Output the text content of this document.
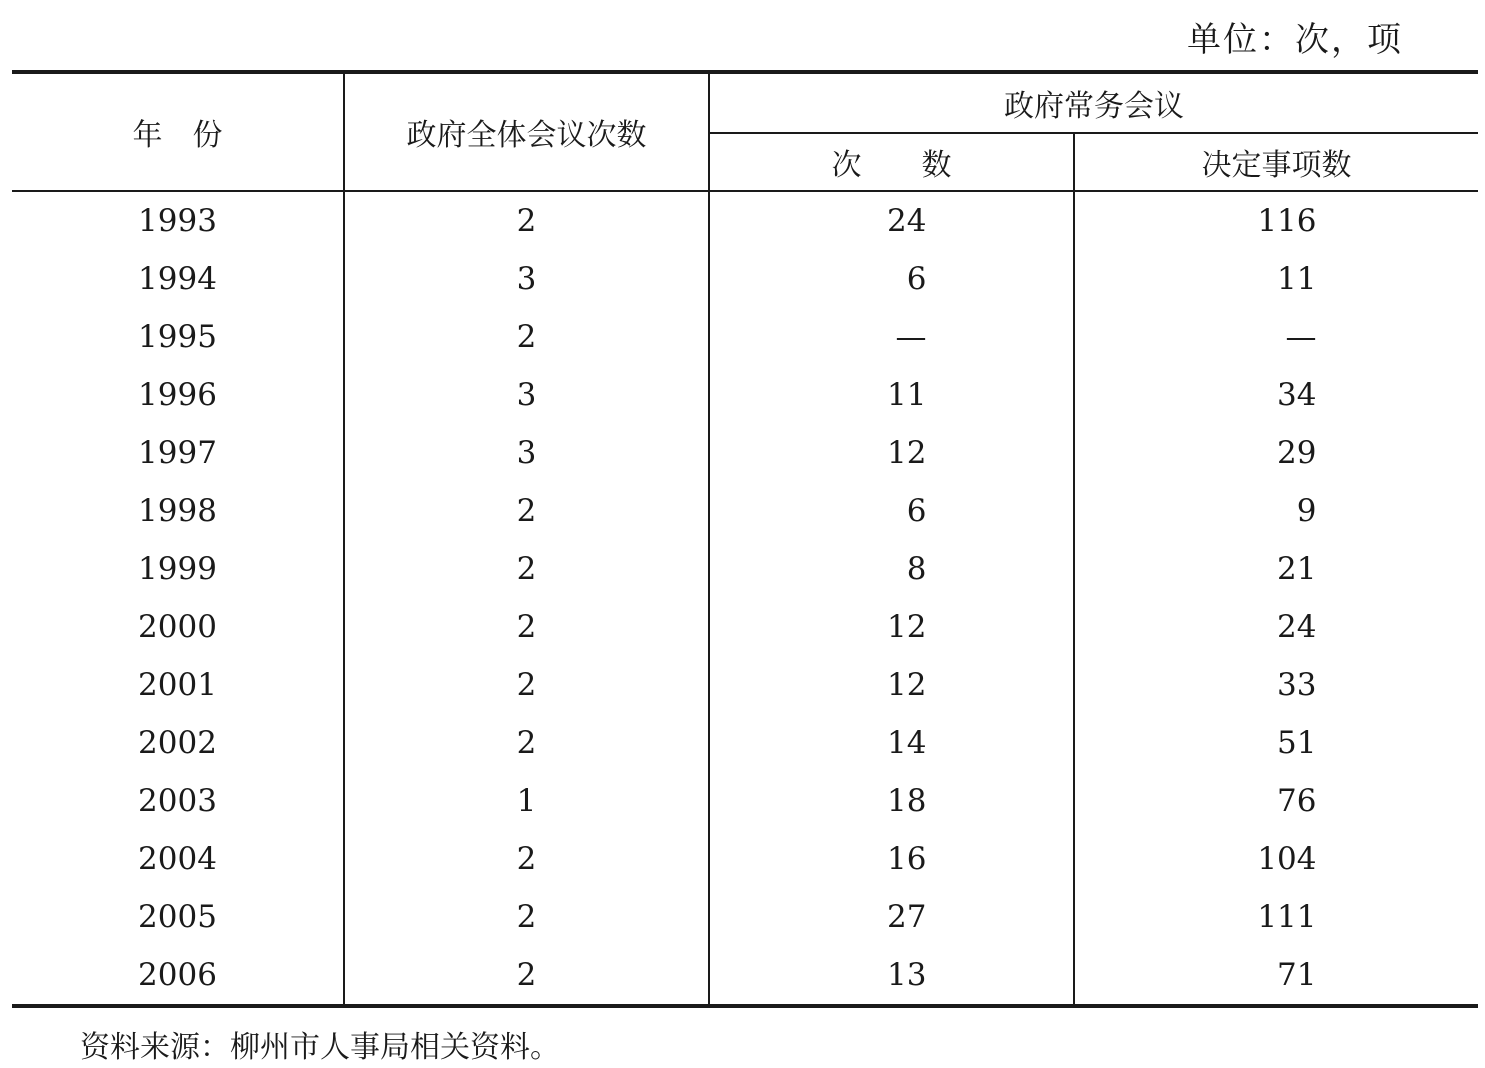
单位：次，项
年　份	政府全体会议次数	政府常务会议	
		次　　数	决定事项数
1993	2	24	116
1994	3	6	11
1995	2	—	—
1996	3	11	34
1997	3	12	29
1998	2	6	9
1999	2	8	21
2000	2	12	24
2001	2	12	33
2002	2	14	51
2003	1	18	76
2004	2	16	104
2005	2	27	111
2006	2	13	71
资料来源：柳州市人事局相关资料。
